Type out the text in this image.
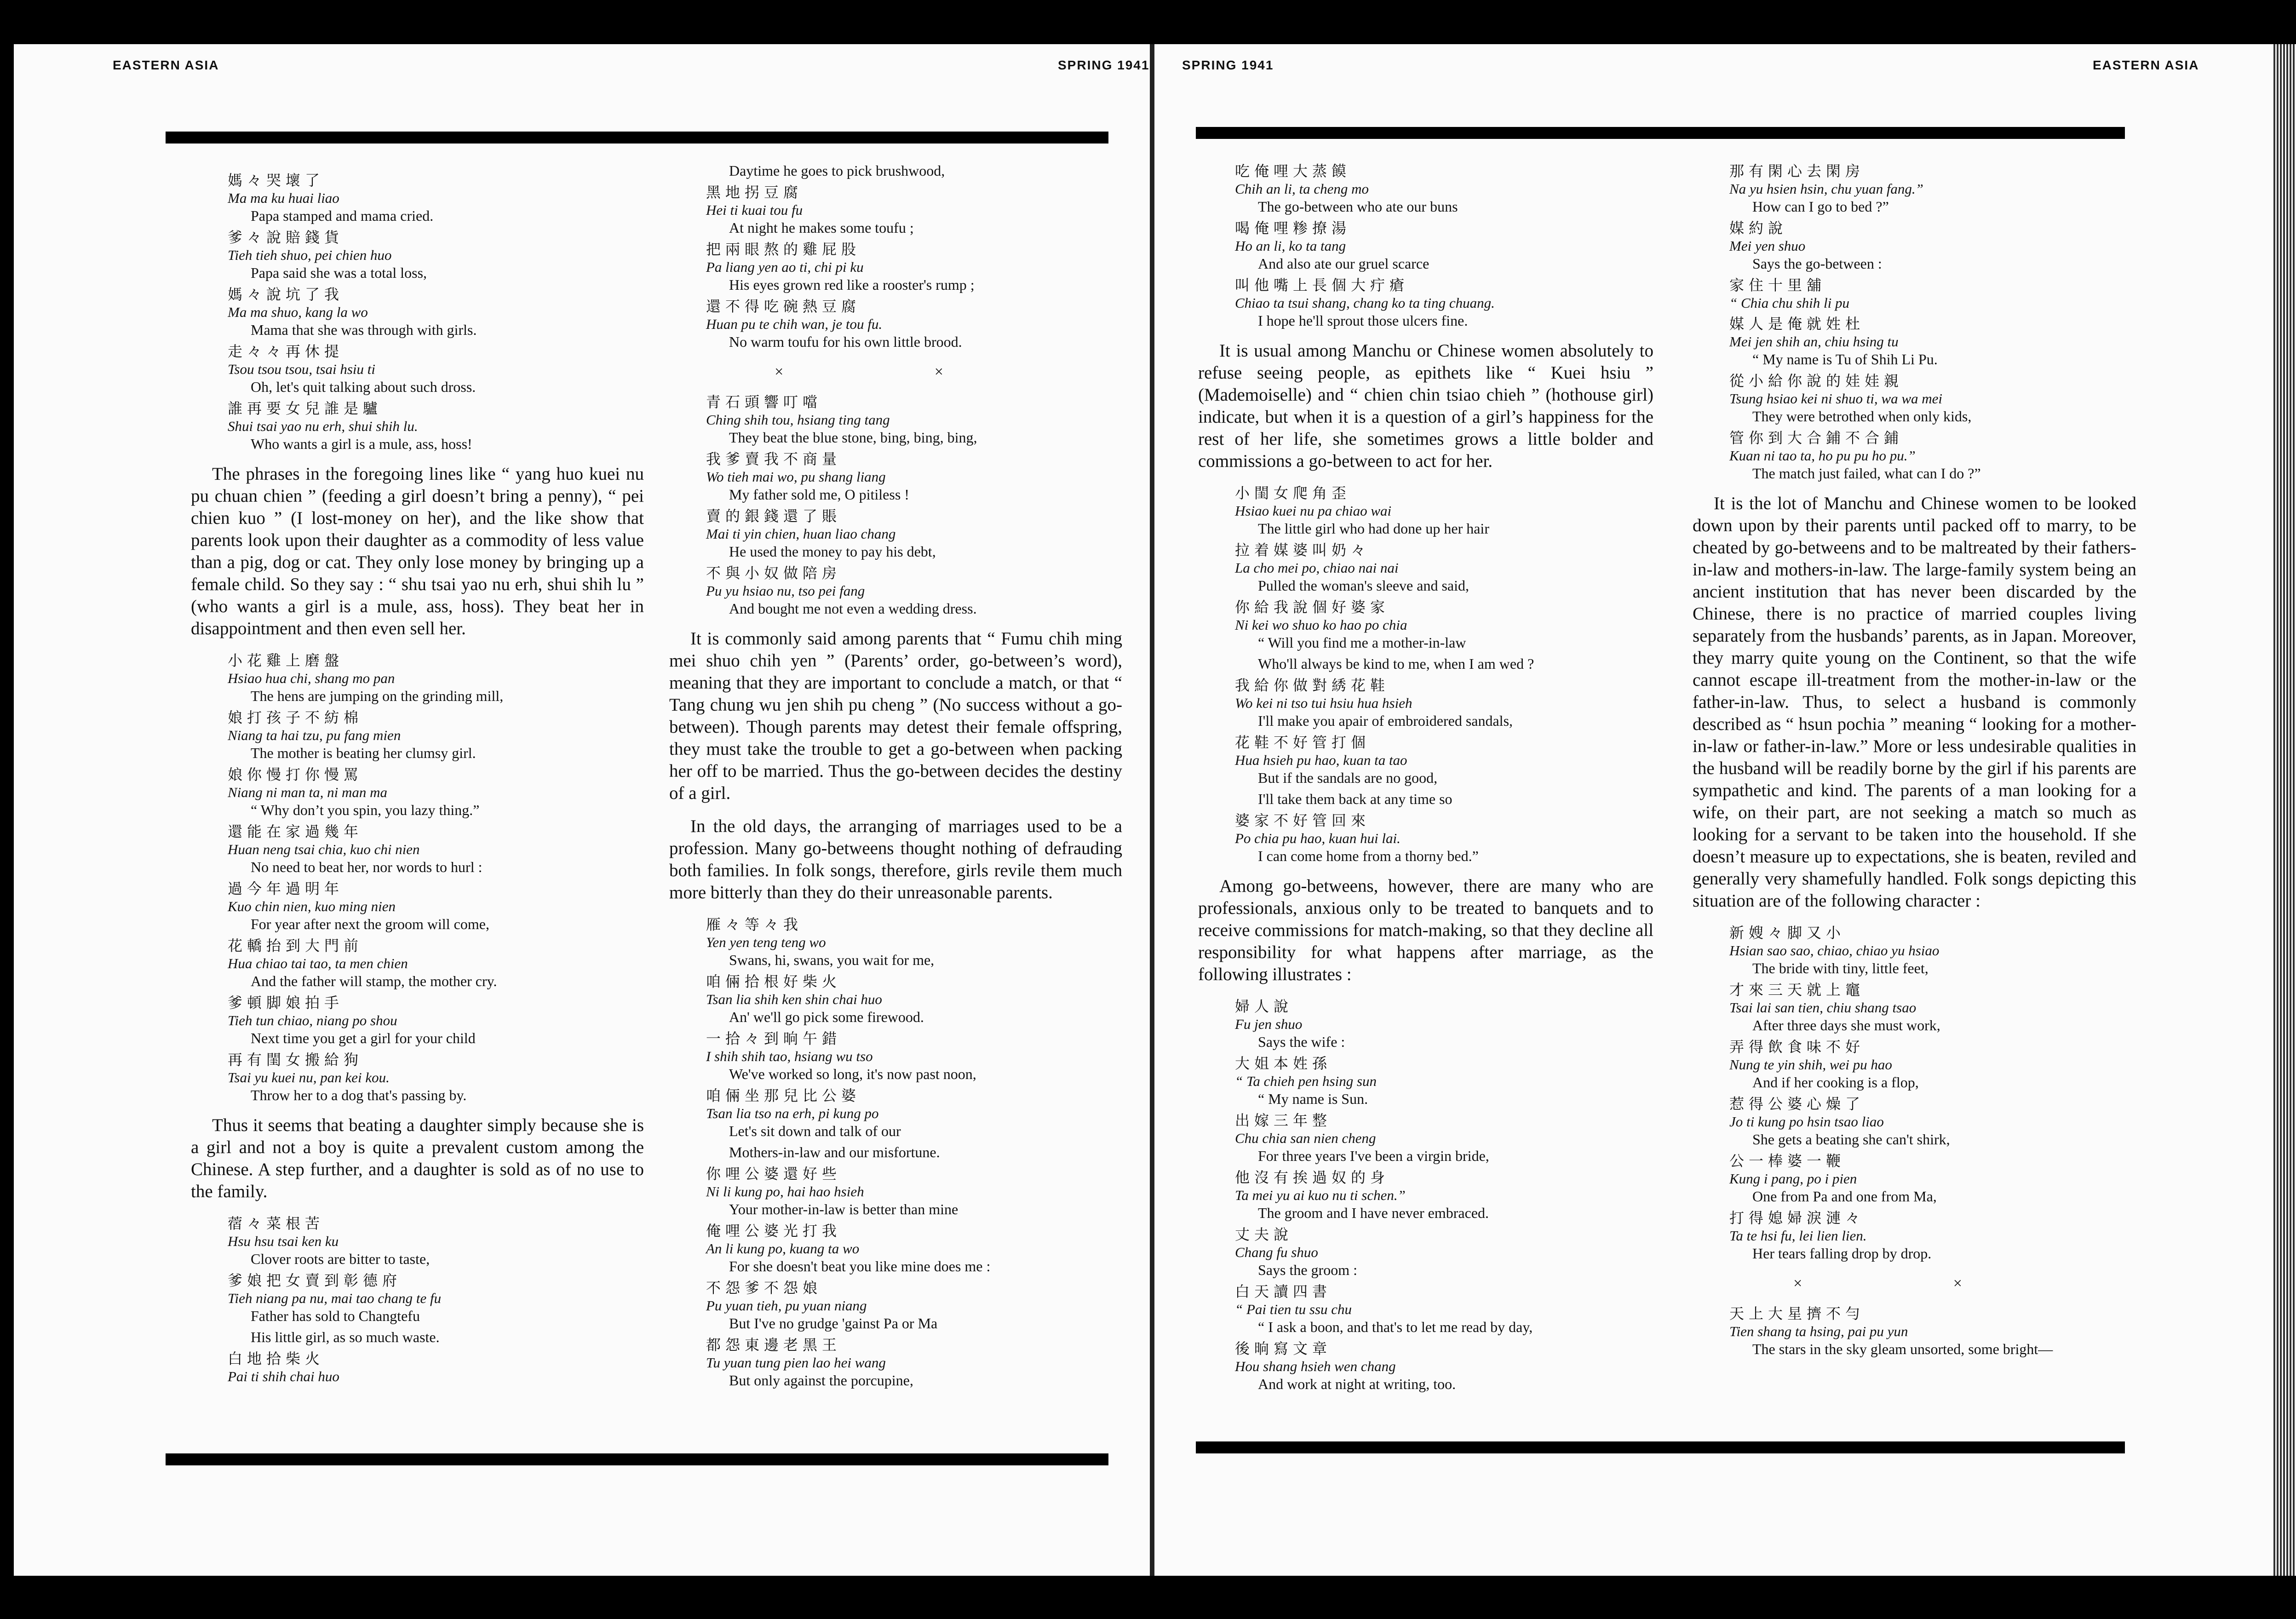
EASTERN ASIA	SPRING 1941
媽々哭壞了
Ma ma ku huai liao
Papa stamped and mama cried.
爹々說賠錢貨
Tieh tieh shuo, pei chien huo
Papa said she was a total loss,
媽々說坑了我
Ma ma shuo, kang la wo
Mama that she was through with girls.
走々々再休提
Tsou tsou tsou, tsai hsiu ti
Oh, let's quit talking about such dross.
誰再要女兒誰是驢
Shui tsai yao nu erh, shui shih lu.
Who wants a girl is a mule, ass, hoss!

The phrases in the foregoing lines like “ yang huo kuei nu pu chuan chien ” (feeding a girl doesn’t bring a penny), “ pei chien kuo ” (I lost-money on her), and the like show that parents look upon their daughter as a commodity of less value than a pig, dog or cat. They only lose money by bringing up a female child. So they say : “ shu tsai yao nu erh, shui shih lu ” (who wants a girl is a mule, ass, hoss). They beat her in disappointment and then even sell her.

小花雞上磨盤
Hsiao hua chi, shang mo pan
The hens are jumping on the grinding mill,
娘打孩子不紡棉
Niang ta hai tzu, pu fang mien
The mother is beating her clumsy girl.
娘你慢打你慢罵
Niang ni man ta, ni man ma
“ Why don’t you spin, you lazy thing.”
還能在家過幾年
Huan neng tsai chia, kuo chi nien
No need to beat her, nor words to hurl :
過今年過明年
Kuo chin nien, kuo ming nien
For year after next the groom will come,
花轎抬到大門前
Hua chiao tai tao, ta men chien
And the father will stamp, the mother cry.
爹頓脚娘拍手
Tieh tun chiao, niang po shou
Next time you get a girl for your child
再有閨女搬給狗
Tsai yu kuei nu, pan kei kou.
Throw her to a dog that's passing by.

Thus it seems that beating a daughter simply because she is a girl and not a boy is quite a prevalent custom among the Chinese. A step further, and a daughter is sold as of no use to the family.

蓿々菜根苦
Hsu hsu tsai ken ku
Clover roots are bitter to taste,
爹娘把女賣到彰德府
Tieh niang pa nu, mai tao chang te fu
Father has sold to Changtefu
His little girl, as so much waste.
白地拾柴火
Pai ti shih chai huo
Daytime he goes to pick brushwood,
黑地拐豆腐
Hei ti kuai tou fu
At night he makes some toufu ;
把兩眼熬的雞屁股
Pa liang yen ao ti, chi pi ku
His eyes grown red like a rooster's rump ;
還不得吃碗熱豆腐
Huan pu te chih wan, je tou fu.
No warm toufu for his own little brood.
× ×
青石頭響叮噹
Ching shih tou, hsiang ting tang
They beat the blue stone, bing, bing, bing,
我爹賣我不商量
Wo tieh mai wo, pu shang liang
My father sold me, O pitiless !
賣的銀錢還了賬
Mai ti yin chien, huan liao chang
He used the money to pay his debt,
不與小奴做陪房
Pu yu hsiao nu, tso pei fang
And bought me not even a wedding dress.

It is commonly said among parents that “ Fumu chih ming mei shuo chih yen ” (Parents’ order, go-between’s word), meaning that they are important to conclude a match, or that “ Tang chung wu jen shih pu cheng ” (No success without a go-between). Though parents may detest their female offspring, they must take the trouble to get a go-between when packing her off to be married. Thus the go-between decides the destiny of a girl.

In the old days, the arranging of marriages used to be a profession. Many go-betweens thought nothing of defrauding both families. In folk songs, therefore, girls revile them much more bitterly than they do their unreasonable parents.

雁々等々我
Yen yen teng teng wo
Swans, hi, swans, you wait for me,
咱倆拾根好柴火
Tsan lia shih ken shin chai huo
An' we'll go pick some firewood.
一拾々到晌午錯
I shih shih tao, hsiang wu tso
We've worked so long, it's now past noon,
咱倆坐那兒比公婆
Tsan lia tso na erh, pi kung po
Let's sit down and talk of our
Mothers-in-law and our misfortune.
你哩公婆還好些
Ni li kung po, hai hao hsieh
Your mother-in-law is better than mine
俺哩公婆光打我
An li kung po, kuang ta wo
For she doesn't beat you like mine does me :
不怨爹不怨娘
Pu yuan tieh, pu yuan niang
But I've no grudge 'gainst Pa or Ma
都怨東邊老黑王
Tu yuan tung pien lao hei wang
But only against the porcupine,
SPRING 1941	EASTERN ASIA
吃俺哩大蒸饃
Chih an li, ta cheng mo
The go-between who ate our buns
喝俺哩糁撩湯
Ho an li, ko ta tang
And also ate our gruel scarce
叫他嘴上長個大疔瘡
Chiao ta tsui shang, chang ko ta ting chuang.
I hope he'll sprout those ulcers fine.

It is usual among Manchu or Chinese women absolutely to refuse seeing people, as epithets like “ Kuei hsiu ” (Mademoiselle) and “ chien chin tsiao chieh ” (hothouse girl) indicate, but when it is a question of a girl’s happiness for the rest of her life, she sometimes grows a little bolder and commissions a go-between to act for her.

小閨女爬角歪
Hsiao kuei nu pa chiao wai
The little girl who had done up her hair
拉着媒婆叫奶々
La cho mei po, chiao nai nai
Pulled the woman's sleeve and said,
你給我說個好婆家
Ni kei wo shuo ko hao po chia
“ Will you find me a mother-in-law
Who'll always be kind to me, when I am wed ?
我給你做對綉花鞋
Wo kei ni tso tui hsiu hua hsieh
I'll make you apair of embroidered sandals,
花鞋不好管打個
Hua hsieh pu hao, kuan ta tao
But if the sandals are no good,
I'll take them back at any time so
婆家不好管回來
Po chia pu hao, kuan hui lai.
I can come home from a thorny bed.”

Among go-betweens, however, there are many who are professionals, anxious only to be treated to banquets and to receive commissions for match-making, so that they decline all responsibility for what happens after marriage, as the following illustrates :

婦人說
Fu jen shuo
Says the wife :
大姐本姓孫
“ Ta chieh pen hsing sun
“ My name is Sun.
出嫁三年整
Chu chia san nien cheng
For three years I've been a virgin bride,
他沒有挨過奴的身
Ta mei yu ai kuo nu ti schen.”
The groom and I have never embraced.
丈夫說
Chang fu shuo
Says the groom :
白天讀四書
“ Pai tien tu ssu chu
“ I ask a boon, and that's to let me read by day,
後晌寫文章
Hou shang hsieh wen chang
And work at night at writing, too.
那有閑心去閑房
Na yu hsien hsin, chu yuan fang.”
How can I go to bed ?”
媒約說
Mei yen shuo
Says the go-between :
家住十里舖
“ Chia chu shih li pu
媒人是俺就姓杜
Mei jen shih an, chiu hsing tu
“ My name is Tu of Shih Li Pu.
從小給你說的娃娃親
Tsung hsiao kei ni shuo ti, wa wa mei
They were betrothed when only kids,
管你到大合鋪不合鋪
Kuan ni tao ta, ho pu pu ho pu.”
The match just failed, what can I do ?”

It is the lot of Manchu and Chinese women to be looked down upon by their parents until packed off to marry, to be cheated by go-betweens and to be maltreated by their fathers-in-law and mothers-in-law. The large-family system being an ancient institution that has never been discarded by the Chinese, there is no practice of married couples living separately from the husbands’ parents, as in Japan. Moreover, they marry quite young on the Continent, so that the wife cannot escape ill-treatment from the mother-in-law or the father-in-law. Thus, to select a husband is commonly described as “ hsun pochia ” meaning “ looking for a mother-in-law or father-in-law.” More or less undesirable qualities in the husband will be readily borne by the girl if his parents are sympathetic and kind. The parents of a man looking for a wife, on their part, are not seeking a match so much as looking for a servant to be taken into the household. If she doesn’t measure up to expectations, she is beaten, reviled and generally very shamefully handled. Folk songs depicting this situation are of the following character :

新嫂々脚又小
Hsian sao sao, chiao, chiao yu hsiao
The bride with tiny, little feet,
才來三天就上竈
Tsai lai san tien, chiu shang tsao
After three days she must work,
弄得飲食味不好
Nung te yin shih, wei pu hao
And if her cooking is a flop,
惹得公婆心燥了
Jo ti kung po hsin tsao liao
She gets a beating she can't shirk,
公一棒婆一鞭
Kung i pang, po i pien
One from Pa and one from Ma,
打得媳婦淚漣々
Ta te hsi fu, lei lien lien.
Her tears falling drop by drop.
× ×
天上大星擠不勻
Tien shang ta hsing, pai pu yun
The stars in the sky gleam unsorted, some bright—
